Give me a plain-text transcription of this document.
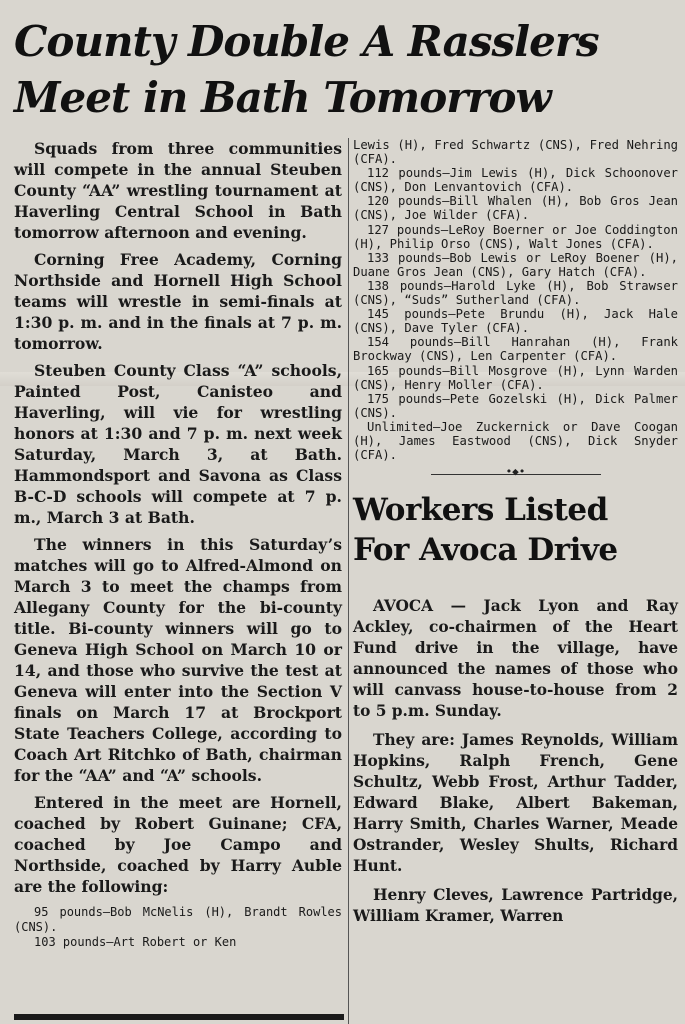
County Double A Rasslers
Meet in Bath Tomorrow

Squads from three communities will compete in the annual Steuben County “AA” wrestling tournament at Haverling Central School in Bath tomorrow afternoon and evening.

Corning Free Academy, Corning Northside and Hornell High School teams will wrestle in semi-finals at 1:30 p. m. and in the finals at 7 p. m. tomorrow.

Steuben County Class “A” schools, Painted Post, Canisteo and Haverling, will vie for wrestling honors at 1:30 and 7 p. m. next week Saturday, March 3, at Bath. Hammondsport and Savona as Class B-C-D schools will compete at 7 p. m., March 3 at Bath.

The winners in this Saturday’s matches will go to Alfred-Almond on March 3 to meet the champs from Allegany County for the bi-county title. Bi-county winners will go to Geneva High School on March 10 or 14, and those who survive the test at Geneva will enter into the Section V finals on March 17 at Brockport State Teachers College, according to Coach Art Ritchko of Bath, chairman for the “AA” and “A” schools.

Entered in the meet are Hornell, coached by Robert Guinane; CFA, coached by Joe Campo and Northside, coached by Harry Auble are the following:

95 pounds—Bob McNelis (H), Brandt Rowles (CNS).

103 pounds—Art Robert or Ken

Lewis (H), Fred Schwartz (CNS), Fred Nehring (CFA).

112 pounds—Jim Lewis (H), Dick Schoonover (CNS), Don Lenvantovich (CFA).

120 pounds—Bill Whalen (H), Bob Gros Jean (CNS), Joe Wilder (CFA).

127 pounds—LeRoy Boerner or Joe Coddington (H), Philip Orso (CNS), Walt Jones (CFA).

133 pounds—Bob Lewis or LeRoy Boener (H), Duane Gros Jean (CNS), Gary Hatch (CFA).

138 pounds—Harold Lyke (H), Bob Strawser (CNS), “Suds” Sutherland (CFA).

145 pounds—Pete Brundu (H), Jack Hale (CNS), Dave Tyler (CFA).

154 pounds—Bill Hanrahan (H), Frank Brockway (CNS), Len Carpenter (CFA).

165 pounds—Bill Mosgrove (H), Lynn Warden (CNS), Henry Moller (CFA).

175 pounds—Pete Gozelski (H), Dick Palmer (CNS).

Unlimited—Joe Zuckernick or Dave Coogan (H), James Eastwood (CNS), Dick Snyder (CFA).

•◆•
Workers Listed
For Avoca Drive

AVOCA — Jack Lyon and Ray Ackley, co-chairmen of the Heart Fund drive in the village, have announced the names of those who will canvass house-to-house from 2 to 5 p.m. Sunday.

They are: James Reynolds, William Hopkins, Ralph French, Gene Schultz, Webb Frost, Arthur Tadder, Edward Blake, Albert Bakeman, Harry Smith, Charles Warner, Meade Ostrander, Wesley Shults, Richard Hunt.

Henry Cleves, Lawrence Partridge, William Kramer, Warren
